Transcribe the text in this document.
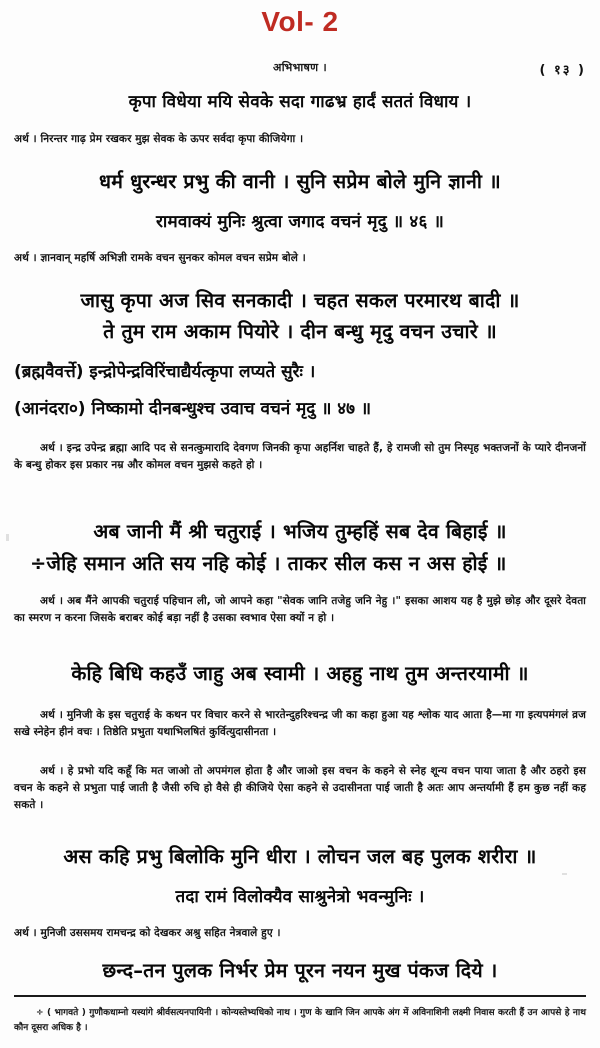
Vol- 2
अभिभाषण ।	( १३ )
कृपा विधेया मयि सेवके सदा गाढभ्र हार्दं सततं विधाय ।
अर्थ । निरन्तर गाढ़ प्रेम रखकर मुझ सेवक के ऊपर सर्वदा कृपा कीजियेगा ।
धर्म धुरन्धर प्रभु की वानी । सुनि सप्रेम बोले मुनि ज्ञानी ॥
रामवाक्यं मुनिः श्रुत्वा जगाद वचनं मृदु ॥ ४६ ॥
अर्थ । ज्ञानवान् महर्षि अभिज्ञी रामके वचन सुनकर कोमल वचन सप्रेम बोले ।
जासु कृपा अज सिव सनकादी । चहत सकल परमारथ बादी ॥
ते तुम राम अकाम पियोरे । दीन बन्धु मृदु वचन उचारे ॥
(ब्रह्मवैवर्त्ते) इन्द्रोपेन्द्रविरिंचाद्यैर्यत्कृपा लप्यते सुरैः ।
(आनंदरा०) निष्कामो दीनबन्धुश्च उवाच वचनं मृदु ॥ ४७ ॥
अर्थ । इन्द्र उपेन्द्र ब्रह्मा आदि पद से सनत्कुमारादि देवगण जिनकी कृपा अहर्निश चाहते हैं, हे रामजी सो तुम निस्पृह भक्तजनों के प्यारे दीनजनों के बन्धु होकर इस प्रकार नम्र और कोमल वचन मुझसे कहते हो ।
अब जानी मैं श्री चतुराई । भजिय तुम्हहिं सब देव बिहाई ॥
÷जेहि समान अति सय नहि कोई । ताकर सील कस न अस होई ॥
अर्थ । अब मैंने आपकी चतुराई पहिचान ली, जो आपने कहा "सेवक जानि तजेहु जनि नेहु ।" इसका आशय यह है मुझे छोड़ और दूसरे देवता का स्मरण न करना जिसके बराबर कोई बड़ा नहीं है उसका स्वभाव ऐसा क्यों न हो ।
केहि बिधि कहउँ जाहु अब स्वामी । अहहु नाथ तुम अन्तरयामी ॥
अर्थ । मुनिजी के इस चतुराई के कथन पर विचार करने से भारतेन्दुहरिश्चन्द्र जी का कहा हुआ यह श्लोक याद आता है—मा गा इत्यपमंगलं व्रज सखे स्नेहेन हीनं वचः । तिष्ठेति प्रभुता यथाभिलषितं कुर्वित्युदासीनता ।
अर्थ । हे प्रभो यदि कहूँ कि मत जाओ तो अपमंगल होता है और जाओ इस वचन के कहने से स्नेह शून्य वचन पाया जाता है और ठहरो इस वचन के कहने से प्रभुता पाई जाती है जैसी रुचि हो वैसे ही कीजिये ऐसा कहने से उदासीनता पाई जाती है अतः आप अन्तर्यामी हैं हम कुछ नहीं कह सकते ।
अस कहि प्रभु बिलोकि मुनि धीरा । लोचन जल बह पुलक शरीरा ॥
तदा रामं विलोक्यैव साश्रुनेत्रो भवन्मुनिः ।
अर्थ । मुनिजी उससमय रामचन्द्र को देखकर अश्रु सहित नेत्रवाले हुए ।
छन्द–तन पुलक निर्भर प्रेम पूरन नयन मुख पंकज दिये ।
÷ ( भागवते ) गुणौकधाम्नो यस्यांगे श्रीर्वसत्यनपायिनी । कोन्यस्तेभ्यधिको नाथ । गुण के खानि जिन आपके अंग में अविनाशिनी लक्ष्मी निवास करती हैं उन आपसे हे नाथ कौन दूसरा अधिक है ।
